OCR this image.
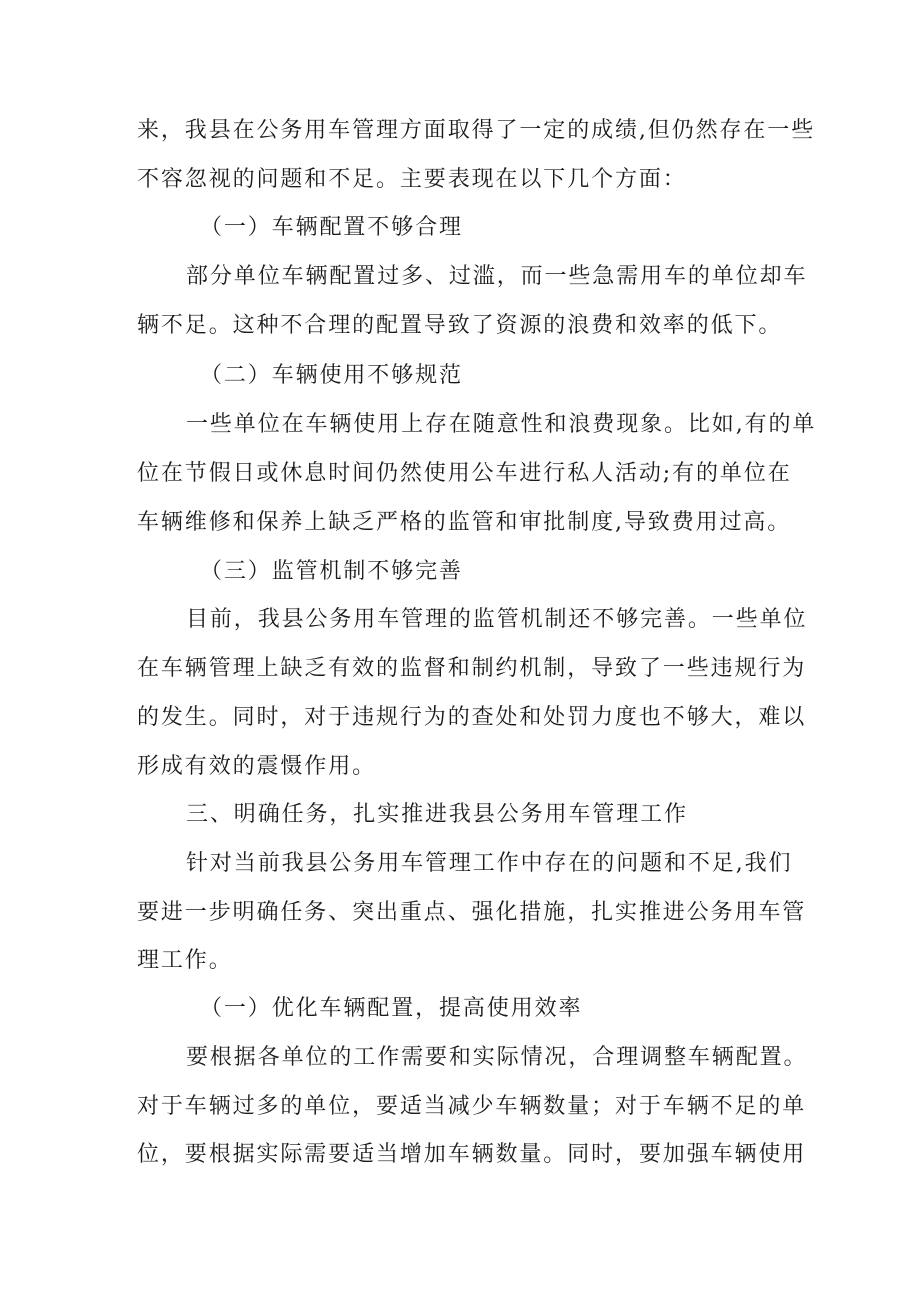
来，我县在公务用车管理方面取得了一定的成绩,但仍然存在一些
不容忽视的问题和不足。主要表现在以下几个方面：
（一）车辆配置不够合理
部分单位车辆配置过多、过滥，而一些急需用车的单位却车
辆不足。这种不合理的配置导致了资源的浪费和效率的低下。
（二）车辆使用不够规范
一些单位在车辆使用上存在随意性和浪费现象。比如,有的单
位在节假日或休息时间仍然使用公车进行私人活动;有的单位在
车辆维修和保养上缺乏严格的监管和审批制度,导致费用过高。
（三）监管机制不够完善
目前，我县公务用车管理的监管机制还不够完善。一些单位
在车辆管理上缺乏有效的监督和制约机制，导致了一些违规行为
的发生。同时，对于违规行为的查处和处罚力度也不够大，难以
形成有效的震慑作用。
三、明确任务，扎实推进我县公务用车管理工作
针对当前我县公务用车管理工作中存在的问题和不足,我们
要进一步明确任务、突出重点、强化措施，扎实推进公务用车管
理工作。
（一）优化车辆配置，提高使用效率
要根据各单位的工作需要和实际情况，合理调整车辆配置。
对于车辆过多的单位，要适当减少车辆数量；对于车辆不足的单
位，要根据实际需要适当增加车辆数量。同时，要加强车辆使用
